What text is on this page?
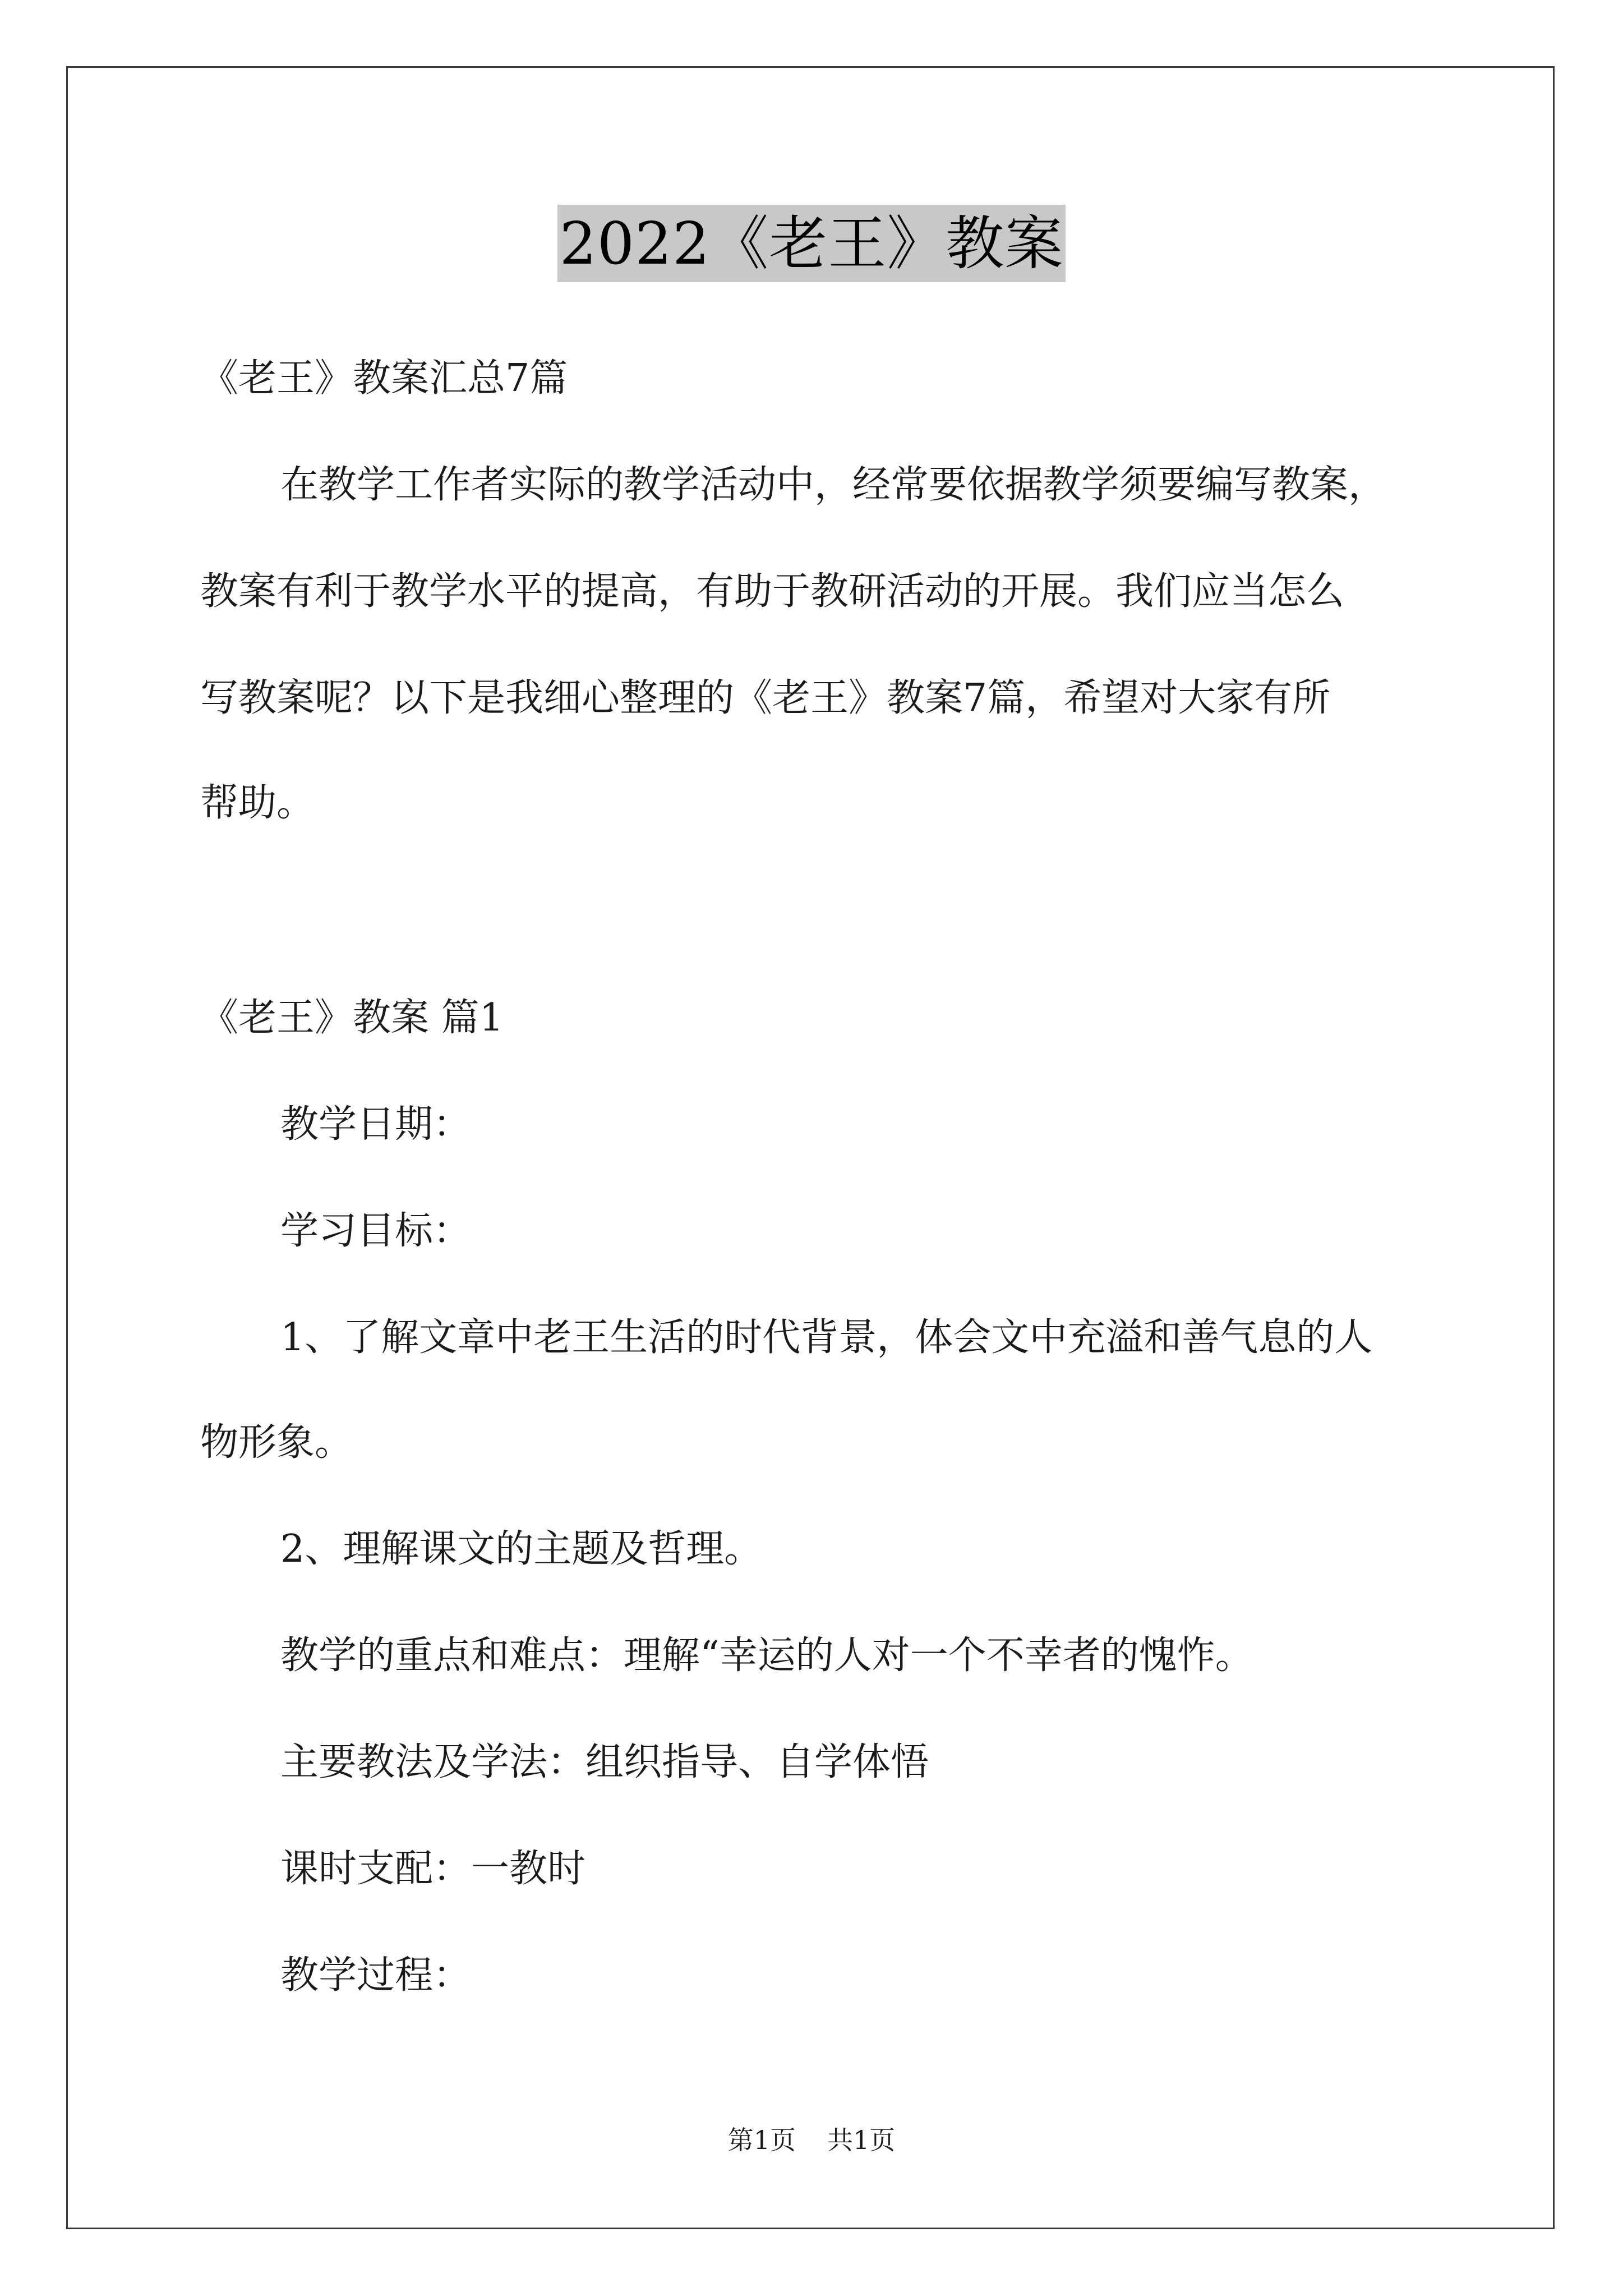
2022《老王》教案
《老王》教案汇总7篇
在教学工作者实际的教学活动中，经常要依据教学须要编写教案，
教案有利于教学水平的提高，有助于教研活动的开展。我们应当怎么
写教案呢？以下是我细心整理的《老王》教案7篇，希望对大家有所
帮助。
《老王》教案 篇1
教学日期：
学习目标：
1、了解文章中老王生活的时代背景，体会文中充溢和善气息的人
物形象。
2、理解课文的主题及哲理。
教学的重点和难点：理解“幸运的人对一个不幸者的愧怍。
主要教法及学法：组织指导、自学体悟
课时支配：一教时
教学过程：
第1页 共1页
